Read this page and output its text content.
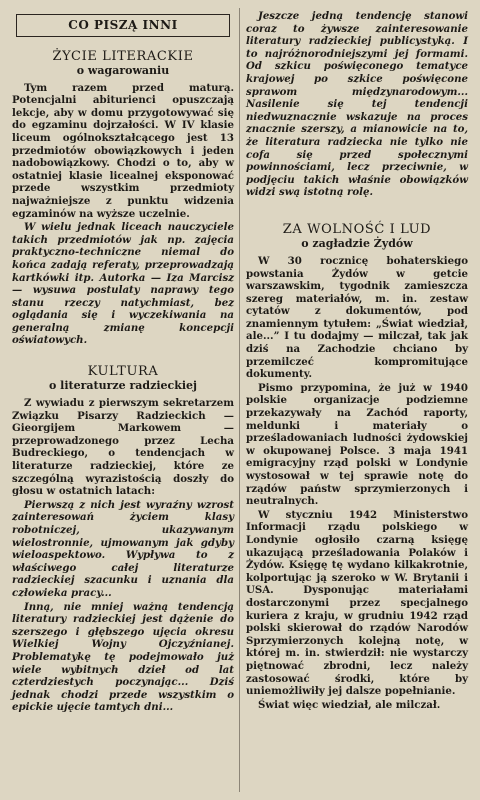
CO PISZĄ INNI
ŻYCIE LITERACKIE
o wagarowaniu

Tym razem przed maturą. Potencjalni abiturienci opuszczają lekcje, aby w domu przygotowywać się do egzaminu dojrzałości. W IV klasie liceum ogólnokształcącego jest 13 przedmiotów obowiązkowych i jeden nadobowiązkowy. Chodzi o to, aby w ostatniej klasie licealnej eksponować przede wszystkim przedmioty najważniejsze z punktu widzenia egzaminów na wyższe uczelnie.

W wielu jednak liceach nauczyciele takich przedmiotów jak np. zajęcia praktyczno-techniczne niemal do końca zadają referaty, przeprowadzają kartkówki itp. Autorka — Iza Marcisz — wysuwa postulaty naprawy tego stanu rzeczy natychmiast, bez oglądania się i wyczekiwania na generalną zmianę koncepcji oświatowych.

KULTURA
o literaturze radzieckiej

Z wywiadu z pierwszym sekretarzem Związku Pisarzy Radzieckich — Gieorgijem Markowem — przeprowadzonego przez Lecha Budreckiego, o tendencjach w literaturze radzieckiej, które ze szczególną wyrazistością doszły do głosu w ostatnich latach:

Pierwszą z nich jest wyraźny wzrost zainteresowań życiem klasy robotniczej, ukazywanym wielostronnie, ujmowanym jak gdyby wieloaspektowo. Wypływa to z właściwego całej literaturze radzieckiej szacunku i uznania dla człowieka pracy...

Inną, nie mniej ważną tendencją literatury radzieckiej jest dążenie do szerszego i głębszego ujęcia okresu Wielkiej Wojny Ojczyźnianej. Problematykę tę podejmowało już wiele wybitnych dzieł od lat czterdziestych poczynając... Dziś jednak chodzi przede wszystkim o epickie ujęcie tamtych dni...

Jeszcze jedną tendencję stanowi coraz to żywsze zainteresowanie literatury radzieckiej publicystyką. I to najróżnorodniejszymi jej formami. Od szkicu poświęconego tematyce krajowej po szkice poświęcone sprawom międzynarodowym... Nasilenie się tej tendencji niedwuznacznie wskazuje na proces znacznie szerszy, a mianowicie na to, że literatura radziecka nie tylko nie cofa się przed społecznymi powinnościami, lecz przeciwnie, w podjęciu takich właśnie obowiązków widzi swą istotną rolę.

ZA WOLNOŚĆ I LUD
o zagładzie Żydów

W 30 rocznicę bohaterskiego powstania Żydów w getcie warszawskim, tygodnik zamieszcza szereg materiałów, m. in. zestaw cytatów z dokumentów, pod znamiennym tytułem: „Świat wiedział, ale...” I tu dodajmy — milczał, tak jak dziś na Zachodzie chciano by przemilczeć kompromitujące dokumenty.

Pismo przypomina, że już w 1940 polskie organizacje podziemne przekazywały na Zachód raporty, meldunki i materiały o prześladowaniach ludności żydowskiej w okupowanej Polsce. 3 maja 1941 emigracyjny rząd polski w Londynie wystosował w tej sprawie notę do rządów państw sprzymierzonych i neutralnych.

W styczniu 1942 Ministerstwo Informacji rządu polskiego w Londynie ogłosiło czarną księgę ukazującą prześladowania Polaków i Żydów. Księgę tę wydano kilkakrotnie, kolportując ją szeroko w W. Brytanii i USA. Dysponując materiałami dostarczonymi przez specjalnego kuriera z kraju, w grudniu 1942 rząd polski skierował do rządów Narodów Sprzymierzonych kolejną notę, w której m. in. stwierdził: nie wystarczy piętnować zbrodni, lecz należy zastosować środki, które by uniemożliwiły jej dalsze popełnianie.

Świat więc wiedział, ale milczał.
